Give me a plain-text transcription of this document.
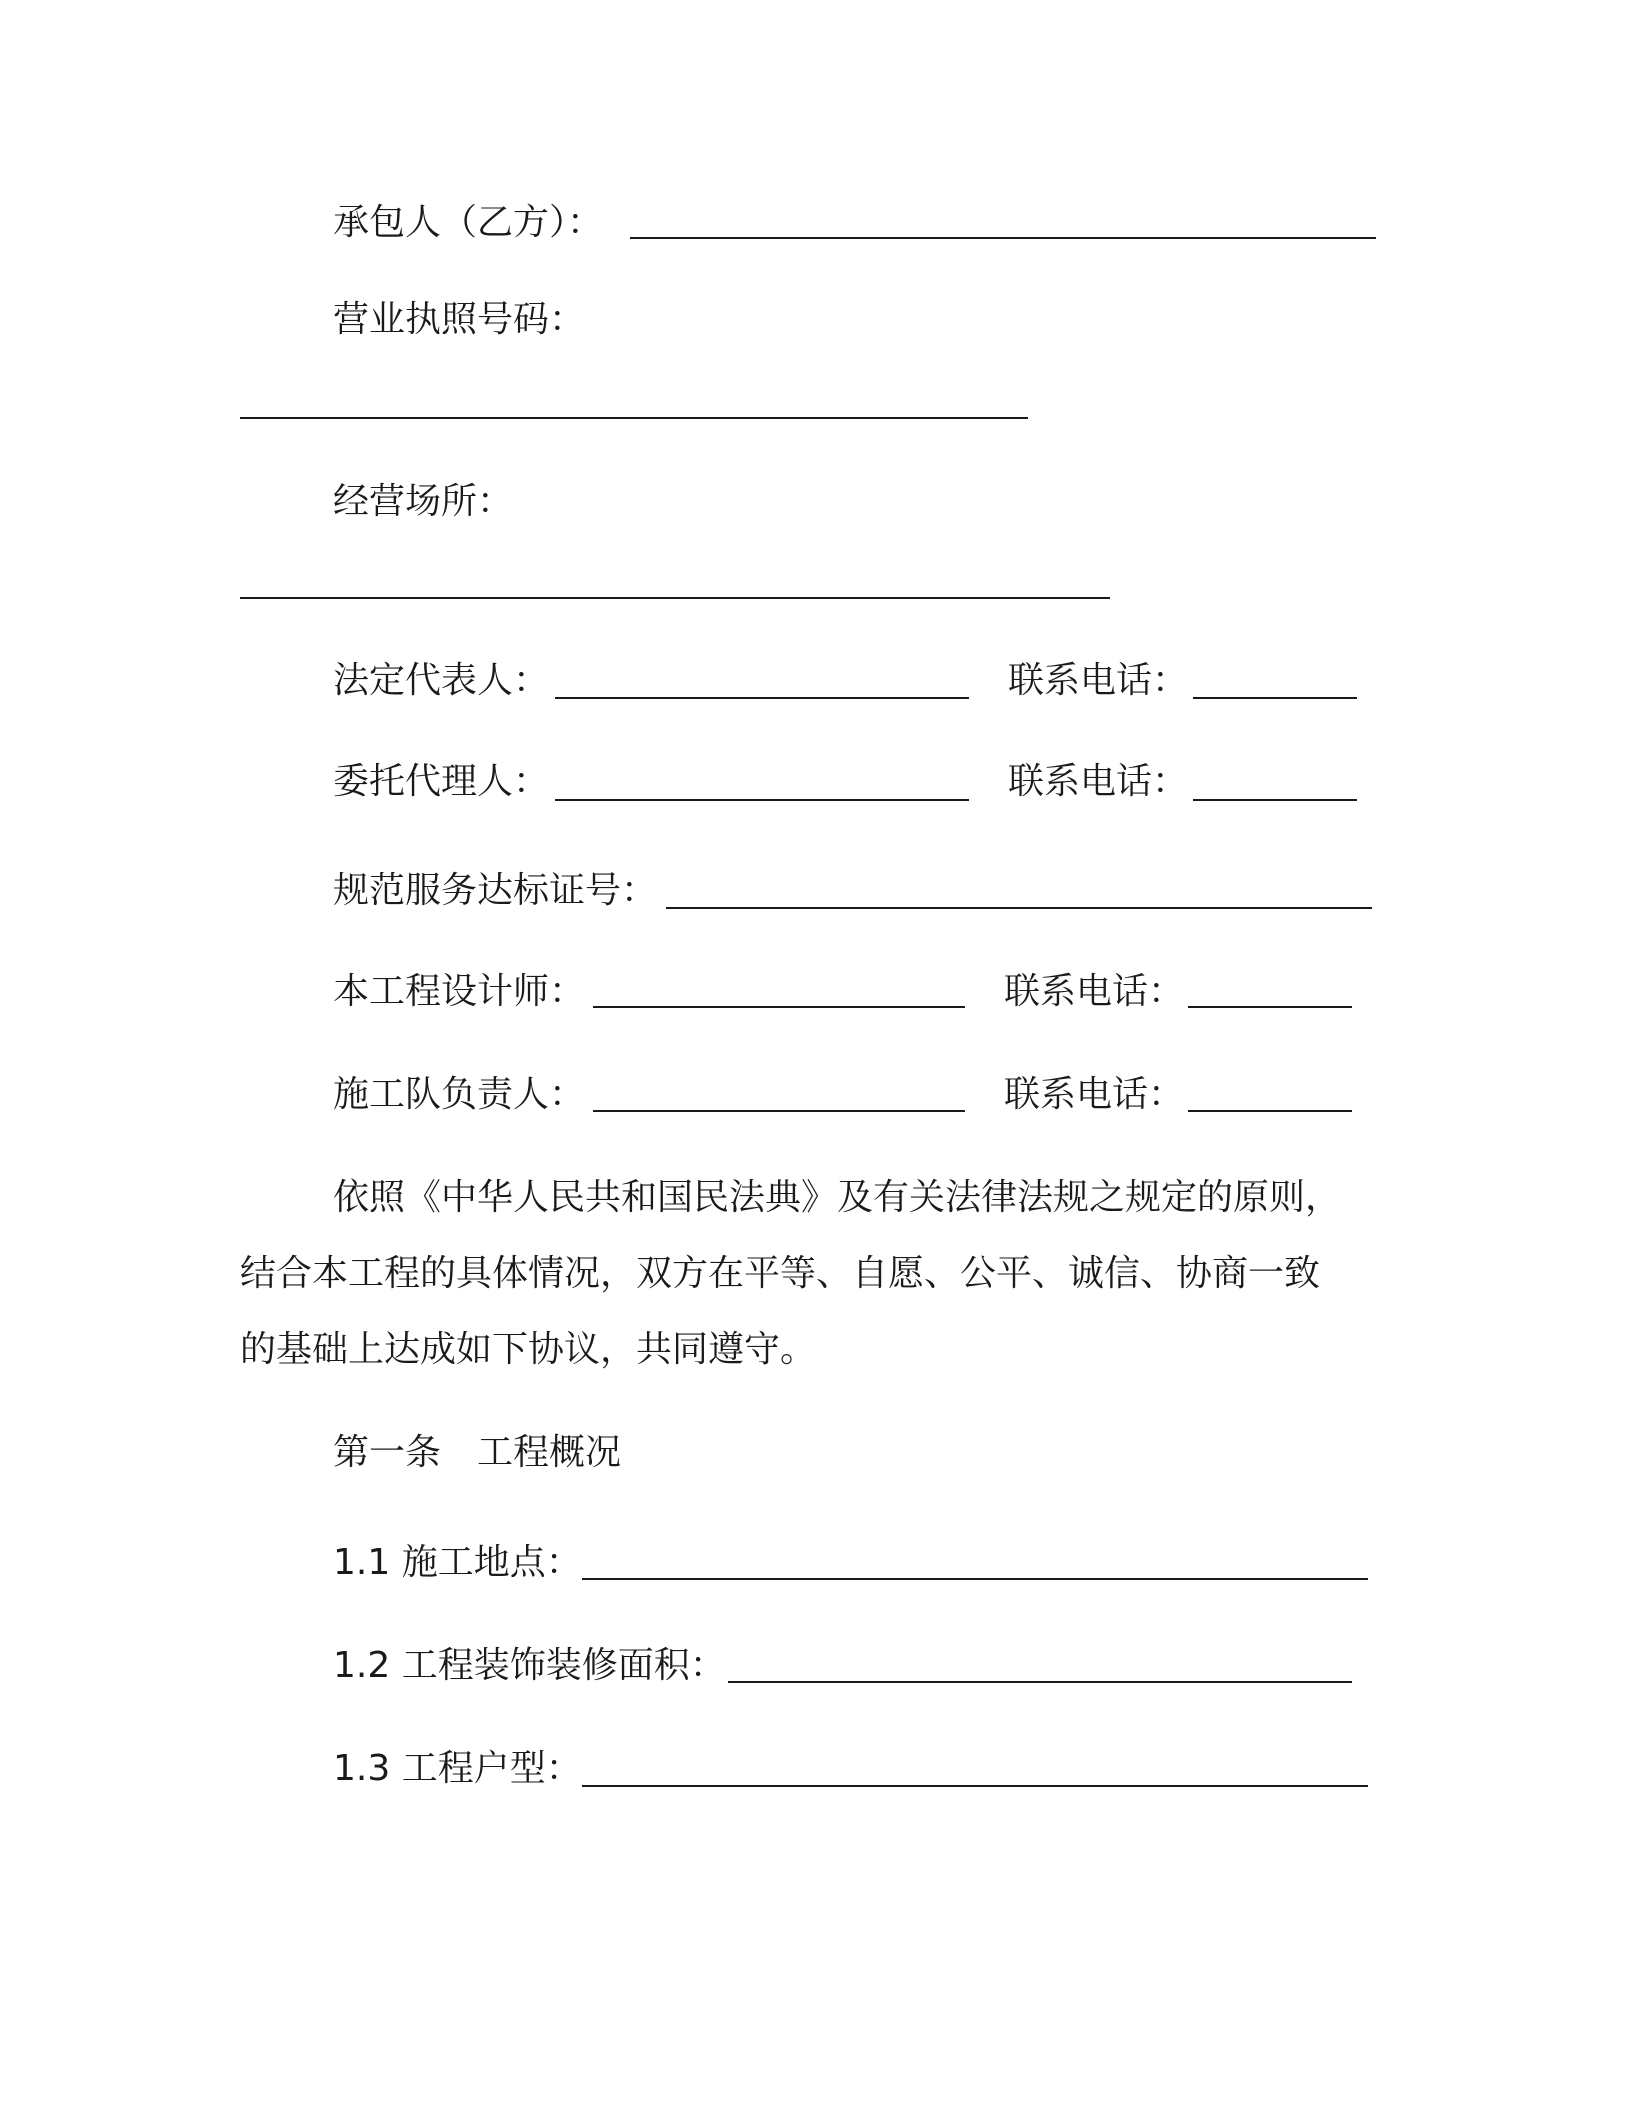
承包人（乙方）：
营业执照号码：
经营场所：
法定代表人：	联系电话：
委托代理人：	联系电话：
规范服务达标证号：
本工程设计师：	联系电话：
施工队负责人：	联系电话：
依照《中华人民共和国民法典》及有关法律法规之规定的原则，
结合本工程的具体情况，双方在平等、自愿、公平、诚信、协商一致
的基础上达成如下协议，共同遵守。
第一条　工程概况
1.1 施工地点：
1.2 工程装饰装修面积：
1.3 工程户型：
